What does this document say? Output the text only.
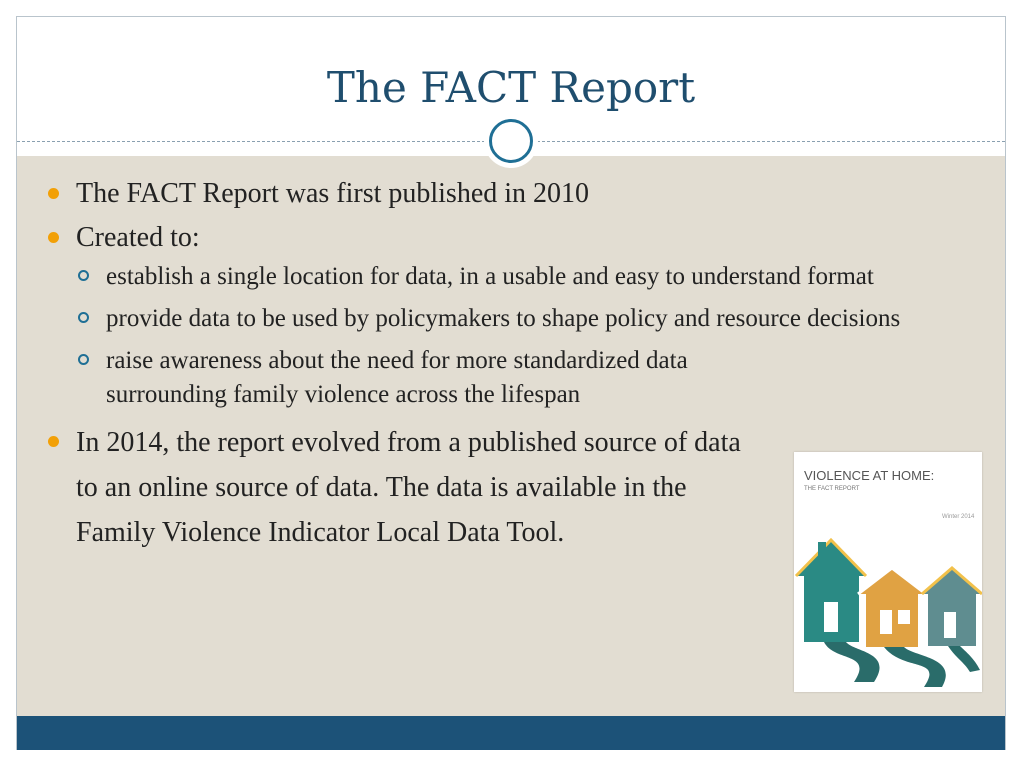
The FACT Report
The FACT Report was first published in 2010
Created to:
establish a single location for data, in a usable and easy to understand format
provide data to be used by policymakers to shape policy and resource decisions
raise awareness about the need for more standardized data surrounding family violence across the lifespan
In 2014, the report evolved from a published source of data to an online source of data. The data is available in the Family Violence Indicator Local Data Tool.
VIOLENCE AT HOME:
THE FACT REPORT
Winter 2014
